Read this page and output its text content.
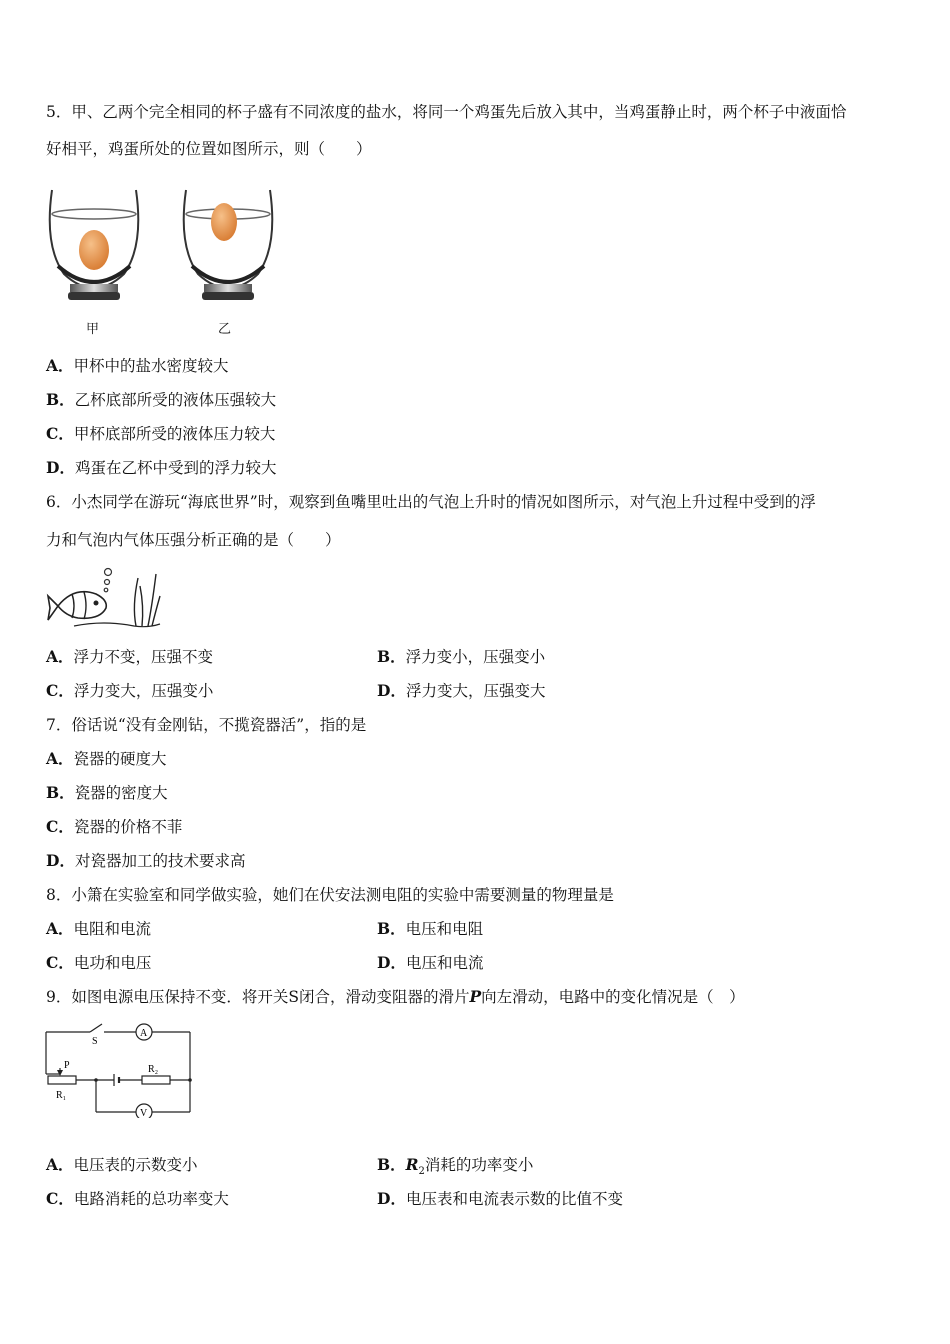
5．甲、乙两个完全相同的杯子盛有不同浓度的盐水，将同一个鸡蛋先后放入其中，当鸡蛋静止时，两个杯子中液面恰
好相平，鸡蛋所处的位置如图所示，则（　　）
甲	乙
A．甲杯中的盐水密度较大
B．乙杯底部所受的液体压强较大
C．甲杯底部所受的液体压力较大
D．鸡蛋在乙杯中受到的浮力较大
6．小杰同学在游玩“海底世界”时，观察到鱼嘴里吐出的气泡上升时的情况如图所示，对气泡上升过程中受到的浮
力和气泡内气体压强分析正确的是（　　）
A．浮力不变，压强不变	B．浮力变小，压强变小
C．浮力变大，压强变小	D．浮力变大，压强变大
7．俗话说“没有金刚钻，不揽瓷器活”，指的是
A．瓷器的硬度大
B．瓷器的密度大
C．瓷器的价格不菲
D．对瓷器加工的技术要求高
8．小箫在实验室和同学做实验，她们在伏安法测电阻的实验中需要测量的物理量是
A．电阻和电流	B．电压和电阻
C．电功和电压	D．电压和电流
9．如图电源电压保持不变．将开关S闭合，滑动变阻器的滑片P向左滑动，电路中的变化情况是（　）
S
A
P
R₁
R₂
V
A．电压表的示数变小	B．$R_2$消耗的功率变小
C．电路消耗的总功率变大	D．电压表和电流表示数的比值不变
